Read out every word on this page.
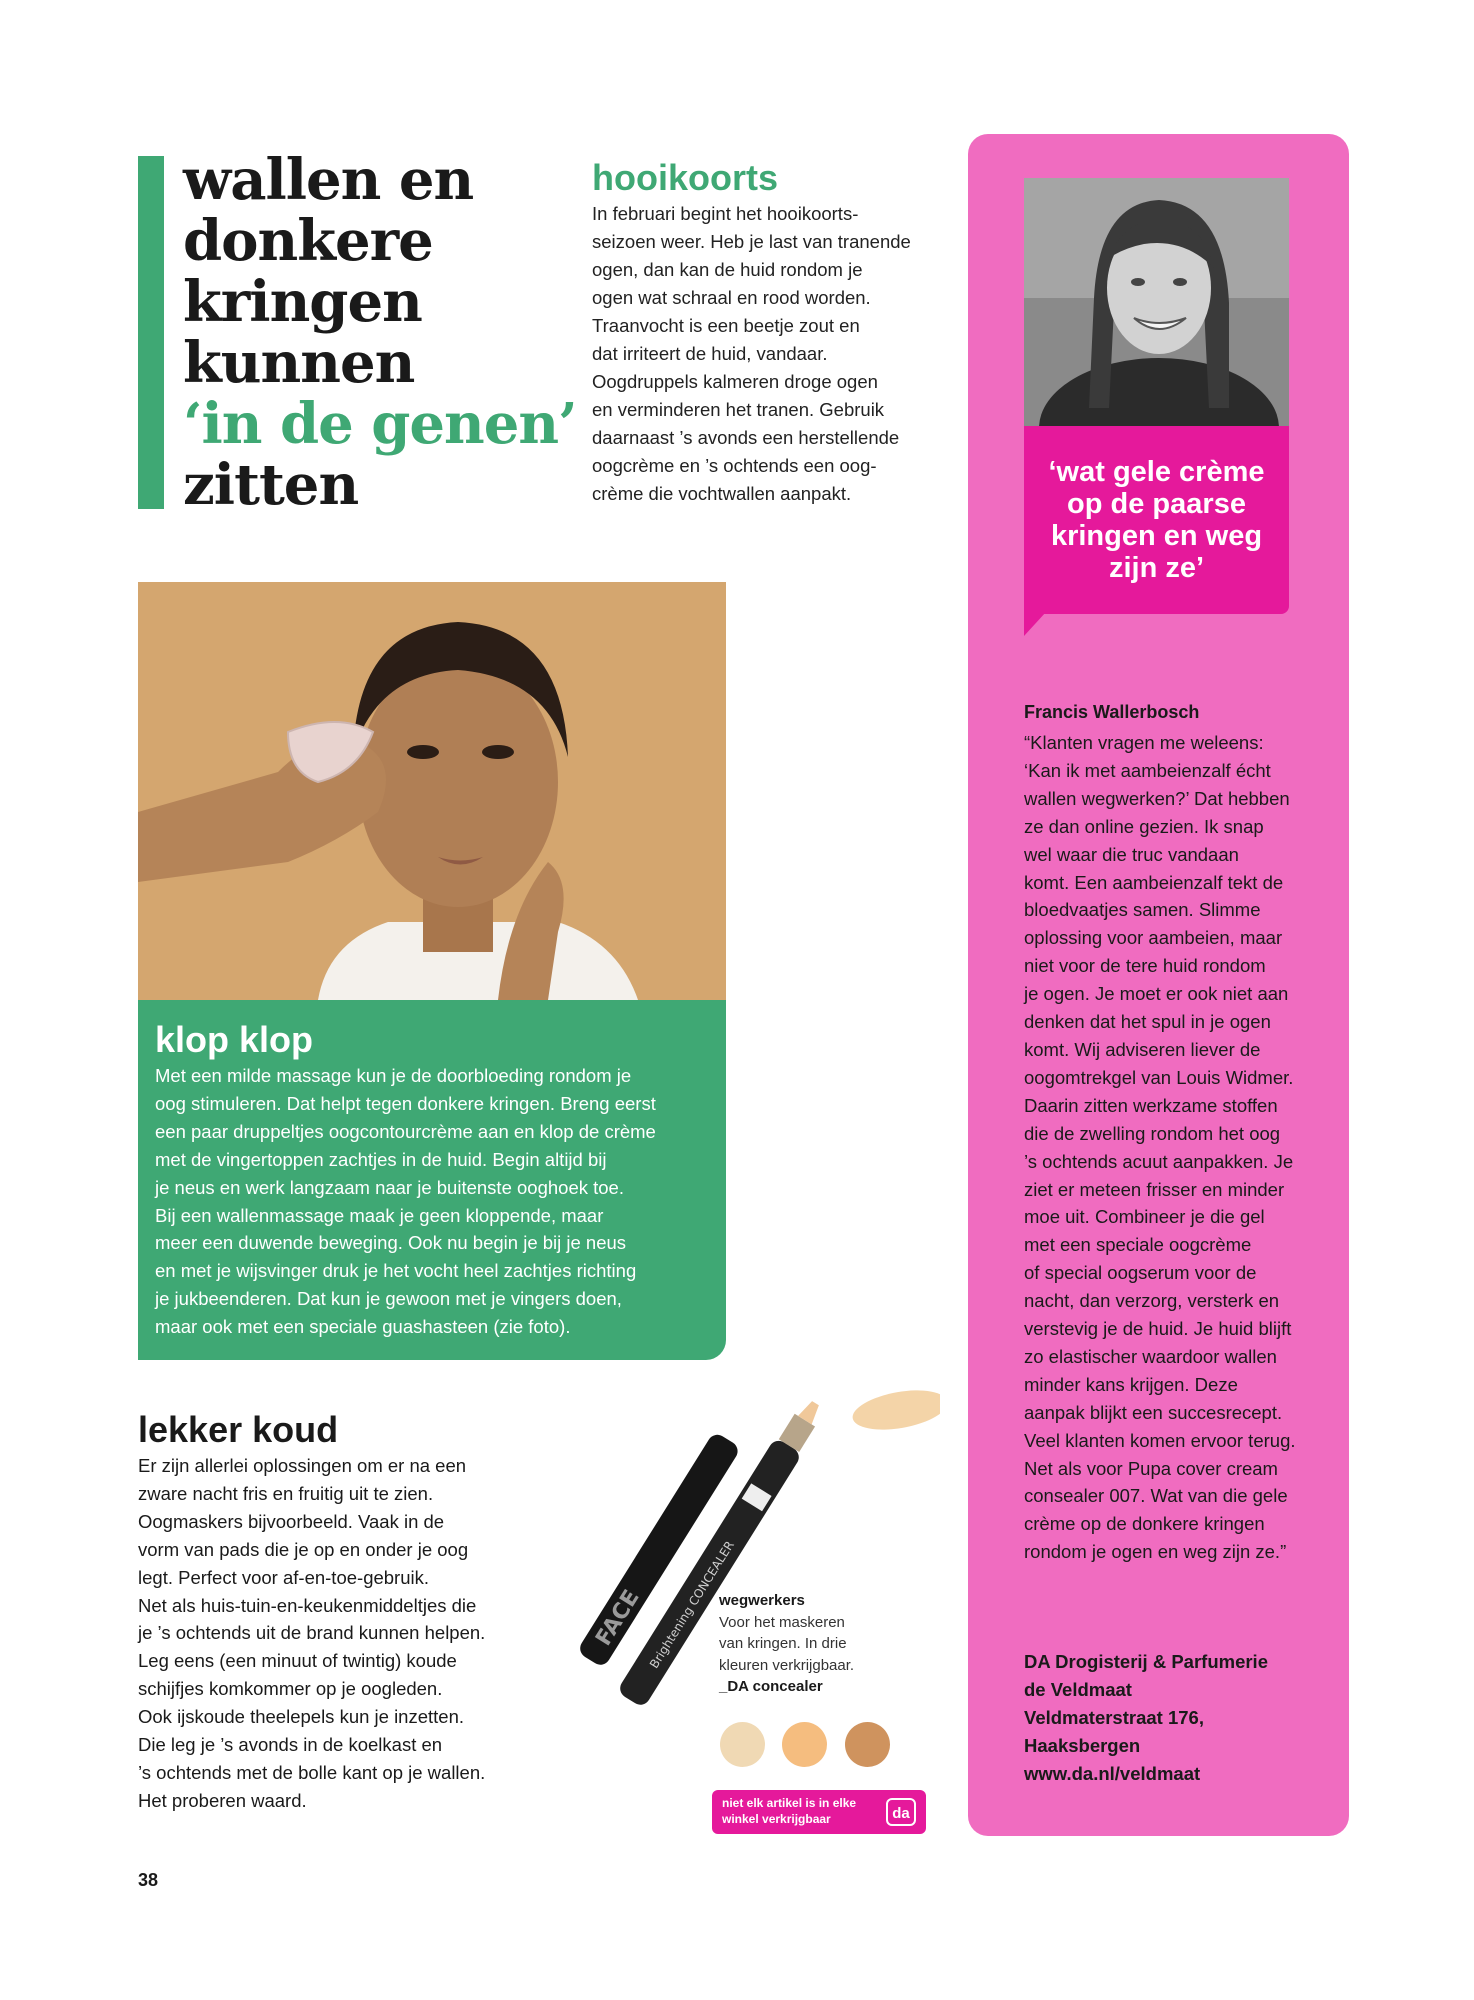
wallen en
donkere
kringen
kunnen
‘in de genen’
zitten
hooikoorts
In februari begint het hooikoorts-
seizoen weer. Heb je last van tranende
ogen, dan kan de huid rondom je
ogen wat schraal en rood worden.
Traanvocht is een beetje zout en
dat irriteert de huid, vandaar.
Oogdruppels kalmeren droge ogen
en verminderen het tranen. Gebruik
daarnaast ’s avonds een herstellende
oogcrème en ’s ochtends een oog-
crème die vochtwallen aanpakt.
‘wat gele crème
op de paarse
kringen en weg
zijn ze’
Francis Wallerbosch
“Klanten vragen me weleens:
‘Kan ik met aambeienzalf écht
wallen wegwerken?’ Dat hebben
ze dan online gezien. Ik snap
wel waar die truc vandaan
komt. Een aambeienzalf tekt de
bloedvaatjes samen. Slimme
oplossing voor aambeien, maar
niet voor de tere huid rondom
je ogen. Je moet er ook niet aan
denken dat het spul in je ogen
komt. Wij adviseren liever de
oogomtrekgel van Louis Widmer.
Daarin zitten werkzame stoffen
die de zwelling rondom het oog
’s ochtends acuut aanpakken. Je
ziet er meteen frisser en minder
moe uit. Combineer je die gel
met een speciale oogcrème
of special oogserum voor de
nacht, dan verzorg, versterk en
verstevig je de huid. Je huid blijft
zo elastischer waardoor wallen
minder kans krijgen. Deze
aanpak blijkt een succesrecept.
Veel klanten komen ervoor terug.
Net als voor Pupa cover cream
consealer 007. Wat van die gele
crème op de donkere kringen
rondom je ogen en weg zijn ze.”
DA Drogisterij & Parfumerie
de Veldmaat
Veldmaterstraat 176,
Haaksbergen
www.da.nl/veldmaat
klop klop
Met een milde massage kun je de doorbloeding rondom je
oog stimuleren. Dat helpt tegen donkere kringen. Breng eerst
een paar druppeltjes oogcontourcrème aan en klop de crème
met de vingertoppen zachtjes in de huid. Begin altijd bij
je neus en werk langzaam naar je buitenste ooghoek toe.
Bij een wallenmassage maak je geen kloppende, maar
meer een duwende beweging. Ook nu begin je bij je neus
en met je wijsvinger druk je het vocht heel zachtjes richting
je jukbeenderen. Dat kun je gewoon met je vingers doen,
maar ook met een speciale guashasteen (zie foto).
lekker koud
Er zijn allerlei oplossingen om er na een
zware nacht fris en fruitig uit te zien.
Oogmaskers bijvoorbeeld. Vaak in de
vorm van pads die je op en onder je oog
legt. Perfect voor af-en-toe-gebruik.
Net als huis-tuin-en-keukenmiddeltjes die
je ’s ochtends uit de brand kunnen helpen.
Leg eens (een minuut of twintig) koude
schijfjes komkommer op je oogleden.
Ook ijskoude theelepels kun je inzetten.
Die leg je ’s avonds in de koelkast en
’s ochtends met de bolle kant op je wallen.
Het proberen waard.
Brightening CONCEALER
FACE	wegwerkers
Voor het maskeren
van kringen. In drie
kleuren verkrijgbaar.
_DA concealer
niet elk artikel is in elke
winkel verkrijgbaar	da
38
